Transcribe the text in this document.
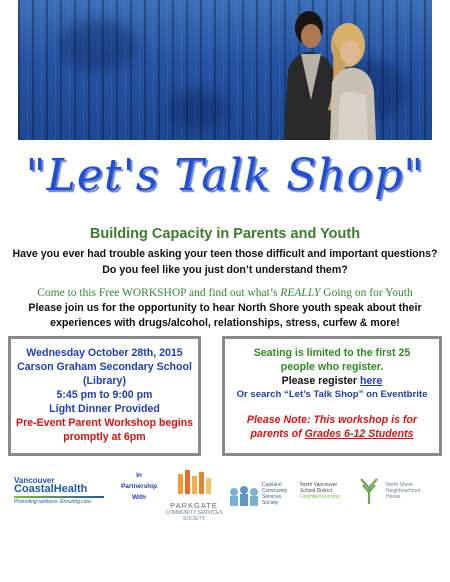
"Let's Talk Shop"
Building Capacity in Parents and Youth
Have you ever had trouble asking your teen those difficult and important questions?
Do you feel like you just don’t understand them?
Come to this Free WORKSHOP and find out what’s REALLY Going on for Youth
Please join us for the opportunity to hear North Shore youth speak about their
experiences with drugs/alcohol, relationships, stress, curfew & more!
Wednesday October 28th, 2015
Carson Graham Secondary School
(Library)
5:45 pm to 9:00 pm
Light Dinner Provided
Pre-Event Parent Workshop begins
promptly at 6pm
Seating is limited to the first 25
people who register.
Please register here
Or search “Let’s Talk Shop” on Eventbrite
Please Note: This workshop is for
parents of Grades 6-12 Students
Vancouver
CoastalHealth
Promoting wellness. Ensuring care.
In
Partnership
With
PARKGATE
COMMUNITY SERVICES SOCIETY
Capilano
Community
Services
Society
North Vancouver
School District
Unlimited learning
North Shore
Neighbourhood
House
